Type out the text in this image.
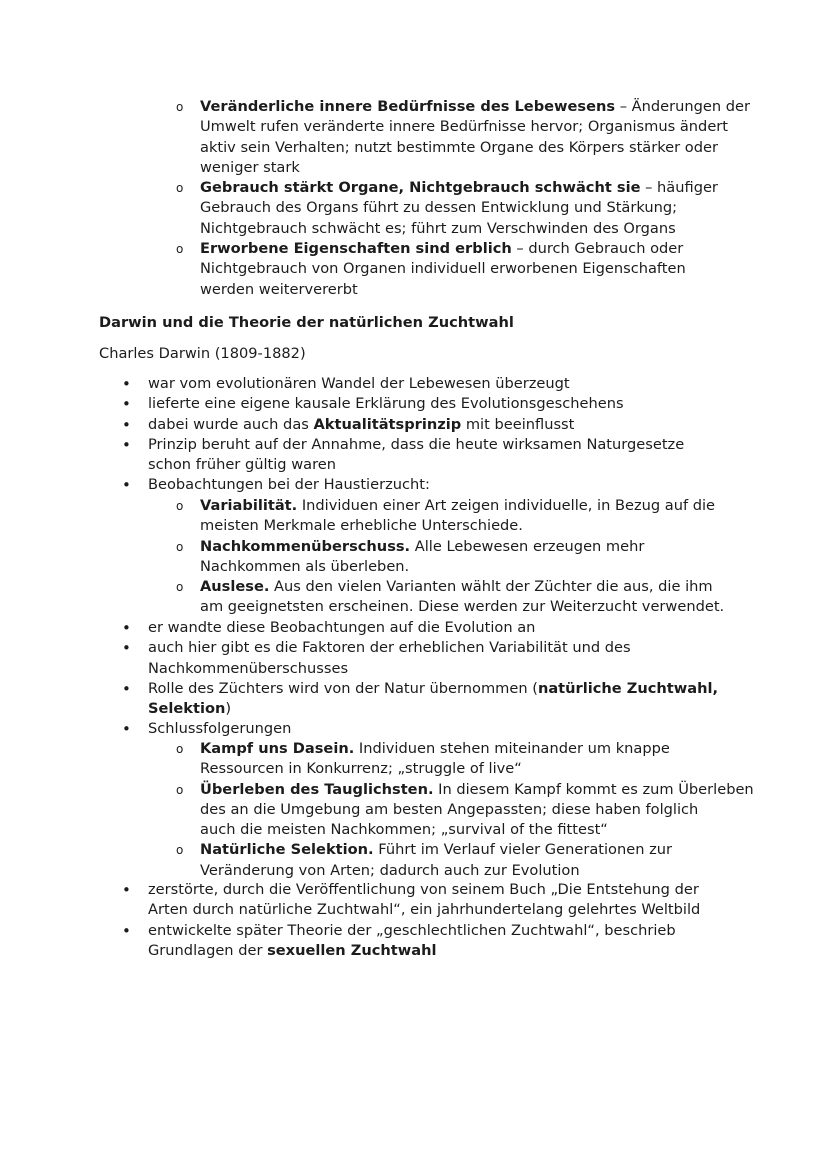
o Veränderliche innere Bedürfnisse des Lebewesens – Änderungen der
Umwelt rufen veränderte innere Bedürfnisse hervor; Organismus ändert
aktiv sein Verhalten; nutzt bestimmte Organe des Körpers stärker oder
weniger stark
o Gebrauch stärkt Organe, Nichtgebrauch schwächt sie – häufiger
Gebrauch des Organs führt zu dessen Entwicklung und Stärkung;
Nichtgebrauch schwächt es; führt zum Verschwinden des Organs
o Erworbene Eigenschaften sind erblich – durch Gebrauch oder
Nichtgebrauch von Organen individuell erworbenen Eigenschaften
werden weitervererbt
Darwin und die Theorie der natürlichen Zuchtwahl
Charles Darwin (1809-1882)
• war vom evolutionären Wandel der Lebewesen überzeugt
• lieferte eine eigene kausale Erklärung des Evolutionsgeschehens
• dabei wurde auch das Aktualitätsprinzip mit beeinflusst
• Prinzip beruht auf der Annahme, dass die heute wirksamen Naturgesetze
schon früher gültig waren
• Beobachtungen bei der Haustierzucht:
o Variabilität. Individuen einer Art zeigen individuelle, in Bezug auf die
meisten Merkmale erhebliche Unterschiede.
o Nachkommenüberschuss. Alle Lebewesen erzeugen mehr
Nachkommen als überleben.
o Auslese. Aus den vielen Varianten wählt der Züchter die aus, die ihm
am geeignetsten erscheinen. Diese werden zur Weiterzucht verwendet.
• er wandte diese Beobachtungen auf die Evolution an
• auch hier gibt es die Faktoren der erheblichen Variabilität und des
Nachkommenüberschusses
• Rolle des Züchters wird von der Natur übernommen (natürliche Zuchtwahl,
Selektion)
• Schlussfolgerungen
o Kampf uns Dasein. Individuen stehen miteinander um knappe
Ressourcen in Konkurrenz; „struggle of live“
o Überleben des Tauglichsten. In diesem Kampf kommt es zum Überleben
des an die Umgebung am besten Angepassten; diese haben folglich
auch die meisten Nachkommen; „survival of the fittest“
o Natürliche Selektion. Führt im Verlauf vieler Generationen zur
Veränderung von Arten; dadurch auch zur Evolution
• zerstörte, durch die Veröffentlichung von seinem Buch „Die Entstehung der
Arten durch natürliche Zuchtwahl“, ein jahrhundertelang gelehrtes Weltbild
• entwickelte später Theorie der „geschlechtlichen Zuchtwahl“, beschrieb
Grundlagen der sexuellen Zuchtwahl
